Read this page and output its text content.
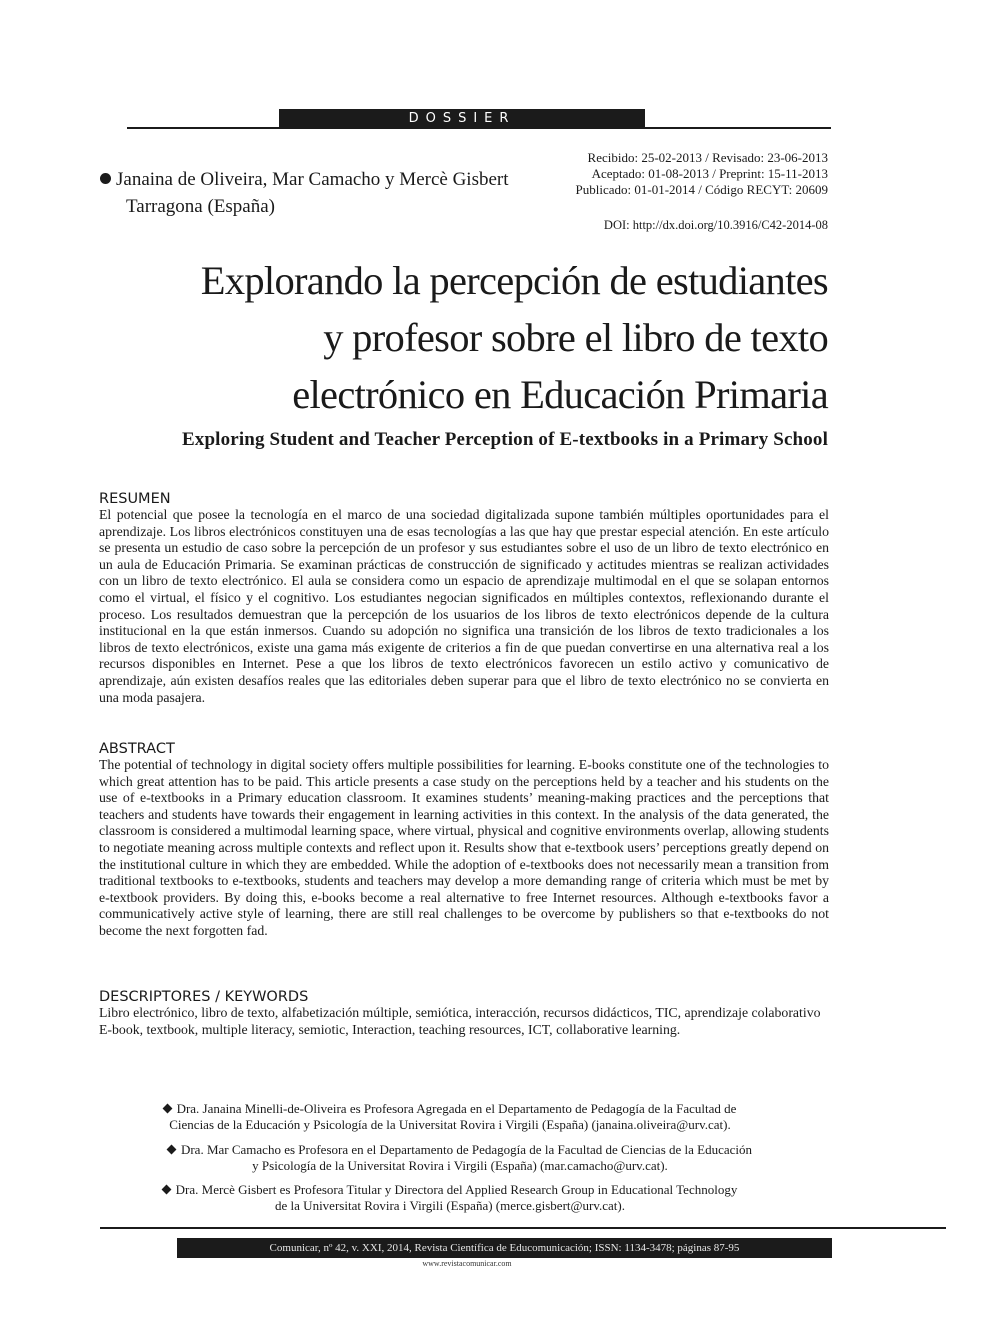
DOSSIER
Janaina de Oliveira, Mar Camacho y Mercè Gisbert
Tarragona (España)
Recibido: 25-02-2013 / Revisado: 23-06-2013
Aceptado: 01-08-2013 / Preprint: 15-11-2013
Publicado: 01-01-2014 / Código RECYT: 20609
DOI: http://dx.doi.org/10.3916/C42-2014-08
Explorando la percepción de estudiantes
y profesor sobre el libro de texto
electrónico en Educación Primaria
Exploring Student and Teacher Perception of E-textbooks in a Primary School
RESUMEN

El potencial que posee la tecnología en el marco de una sociedad digitalizada supone también múltiples oportunidades para el aprendizaje. Los libros electrónicos constituyen una de esas tecnologías a las que hay que prestar especial atención. En este artículo se presenta un estudio de caso sobre la percepción de un profesor y sus estudiantes sobre el uso de un libro de texto electrónico en un aula de Educación Primaria. Se examinan prácticas de construcción de significado y actitudes mientras se realizan actividades con un libro de texto electrónico. El aula se considera como un espacio de aprendizaje multimodal en el que se solapan entornos como el virtual, el físico y el cognitivo. Los estudiantes negocian significados en múltiples contextos, reflexionando durante el proceso. Los resultados demuestran que la percepción de los usuarios de los libros de texto electrónicos depende de la cultura institucional en la que están inmersos. Cuando su adopción no significa una transición de los libros de texto tradicionales a los libros de texto electrónicos, existe una gama más exigente de criterios a fin de que puedan convertirse en una alternativa real a los recursos disponibles en Internet. Pese a que los libros de texto electrónicos favorecen un estilo activo y comunicativo de aprendizaje, aún existen desafíos reales que las editoriales deben superar para que el libro de texto electrónico no se convierta en una moda pasajera.

ABSTRACT

The potential of technology in digital society offers multiple possibilities for learning. E-books constitute one of the technologies to which great attention has to be paid. This article presents a case study on the perceptions held by a teacher and his students on the use of e-textbooks in a Primary education classroom. It examines students’ meaning-making practices and the perceptions that teachers and students have towards their engagement in learning activities in this context. In the analysis of the data generated, the classroom is considered a multimodal learning space, where virtual, physical and cognitive environments overlap, allowing students to negotiate meaning across multiple contexts and reflect upon it. Results show that e-textbook users’ perceptions greatly depend on the institutional culture in which they are embedded. While the adoption of e-textbooks does not necessarily mean a transition from traditional textbooks to e-textbooks, students and teachers may develop a more demanding range of criteria which must be met by e-textbook providers. By doing this, e-books become a real alternative to free Internet resources. Although e-textbooks favor a communicatively active style of learning, there are still real challenges to be overcome by publishers so that e-textbooks do not become the next forgotten fad.

DESCRIPTORES / KEYWORDS

Libro electrónico, libro de texto, alfabetización múltiple, semiótica, interacción, recursos didácticos, TIC, aprendizaje colaborativo

E-book, textbook, multiple literacy, semiotic, Interaction, teaching resources, ICT, collaborative learning.

Dra. Janaina Minelli-de-Oliveira es Profesora Agregada en el Departamento de Pedagogía de la Facultad de
Ciencias de la Educación y Psicología de la Universitat Rovira i Virgili (España) (janaina.oliveira@urv.cat).
Dra. Mar Camacho es Profesora en el Departamento de Pedagogía de la Facultad de Ciencias de la Educación
y Psicología de la Universitat Rovira i Virgili (España) (mar.camacho@urv.cat).
Dra. Mercè Gisbert es Profesora Titular y Directora del Applied Research Group in Educational Technology
de la Universitat Rovira i Virgili (España) (merce.gisbert@urv.cat).
Comunicar, nº 42, v. XXI, 2014, Revista Científica de Educomunicación; ISSN: 1134-3478; páginas 87-95
www.revistacomunicar.com
